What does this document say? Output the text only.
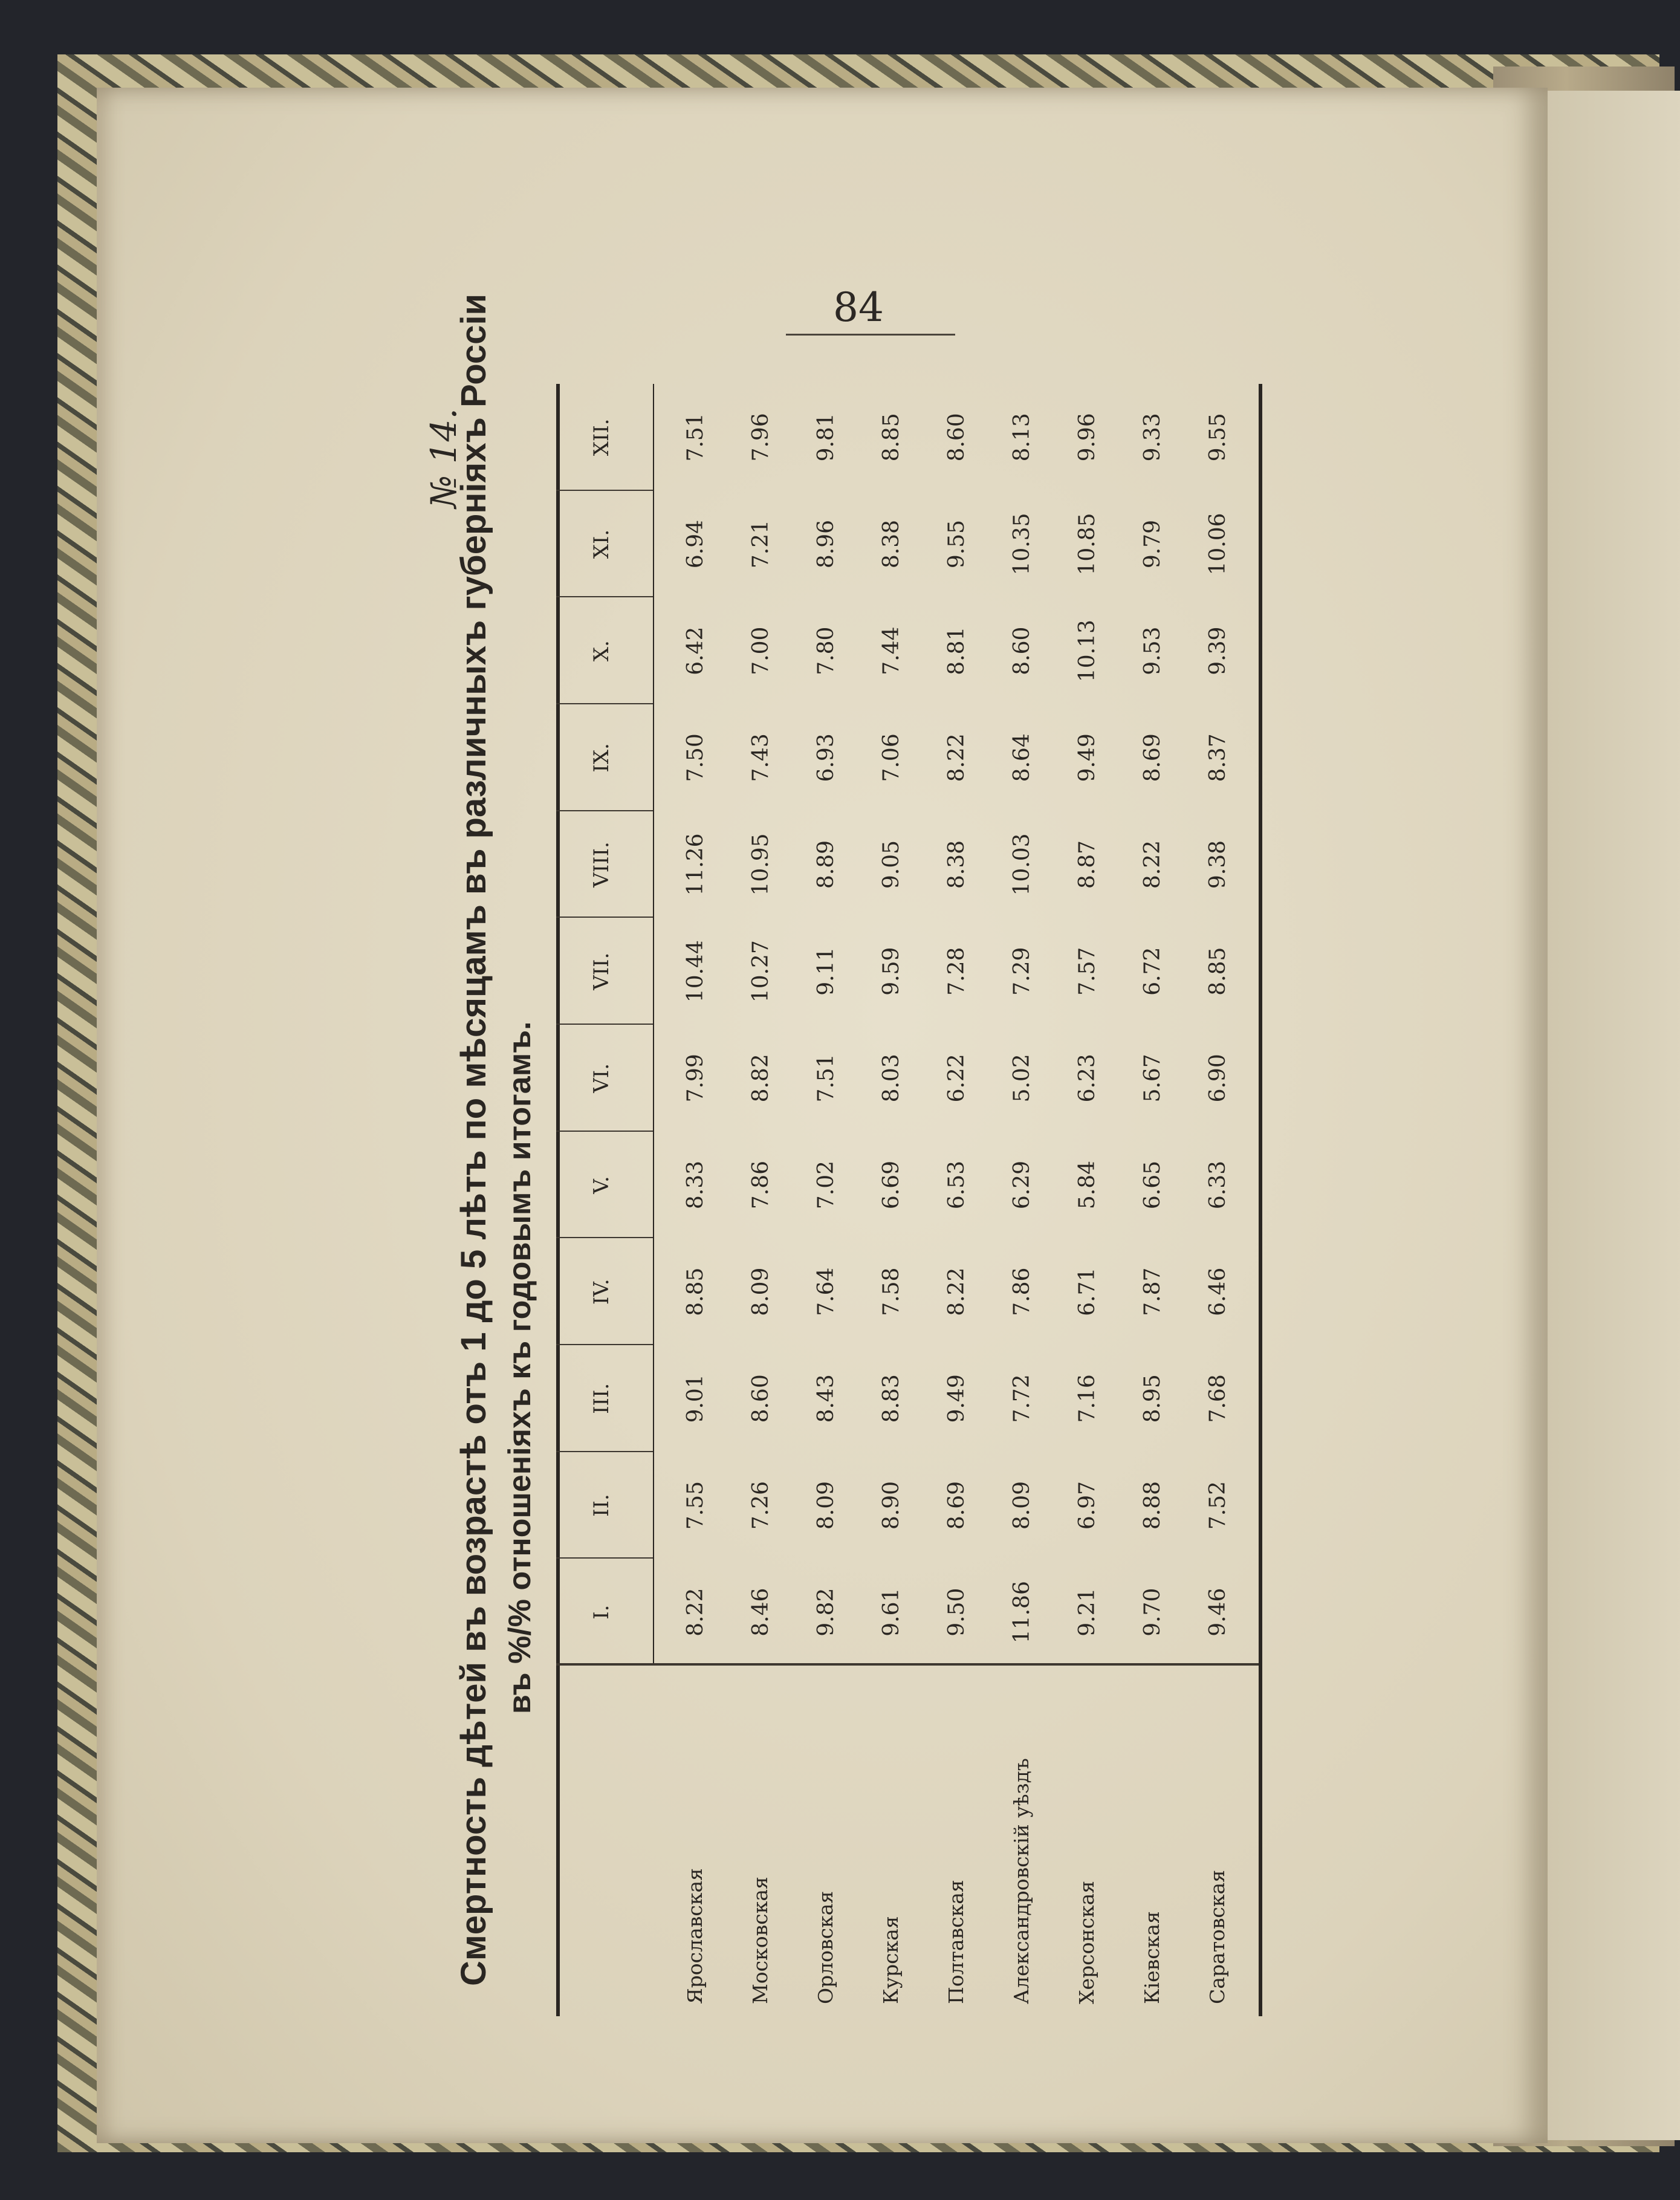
84
№ 14.
Смертность дѣтей въ возрастѣ отъ 1 до 5 лѣтъ по мѣсяцамъ въ различныхъ губерніяхъ Россіи въ %/% отношеніяхъ къ годовымъ итогамъ.	I.
II.
III.
IV.
V.
VI.
VII.
VIII.
IX.
X.
XI.
XII.
Ярославская
8.22
7.55
9.01
8.85
8.33
7.99
10.44
11.26
7.50
6.42
6.94
7.51
Московская
8.46
7.26
8.60
8.09
7.86
8.82
10.27
10.95
7.43
7.00
7.21
7.96
Орловская
9.82
8.09
8.43
7.64
7.02
7.51
9.11
8.89
6.93
7.80
8.96
9.81
Курская
9.61
8.90
8.83
7.58
6.69
8.03
9.59
9.05
7.06
7.44
8.38
8.85
Полтавская
9.50
8.69
9.49
8.22
6.53
6.22
7.28
8.38
8.22
8.81
9.55
8.60
Александровскій уѣздъ
11.86
8.09
7.72
7.86
6.29
5.02
7.29
10.03
8.64
8.60
10.35
8.13
Херсонская
9.21
6.97
7.16
6.71
5.84
6.23
7.57
8.87
9.49
10.13
10.85
9.96
Кіевская
9.70
8.88
8.95
7.87
6.65
5.67
6.72
8.22
8.69
9.53
9.79
9.33
Саратовская
9.46
7.52
7.68
6.46
6.33
6.90
8.85
9.38
8.37
9.39
10.06
9.55
